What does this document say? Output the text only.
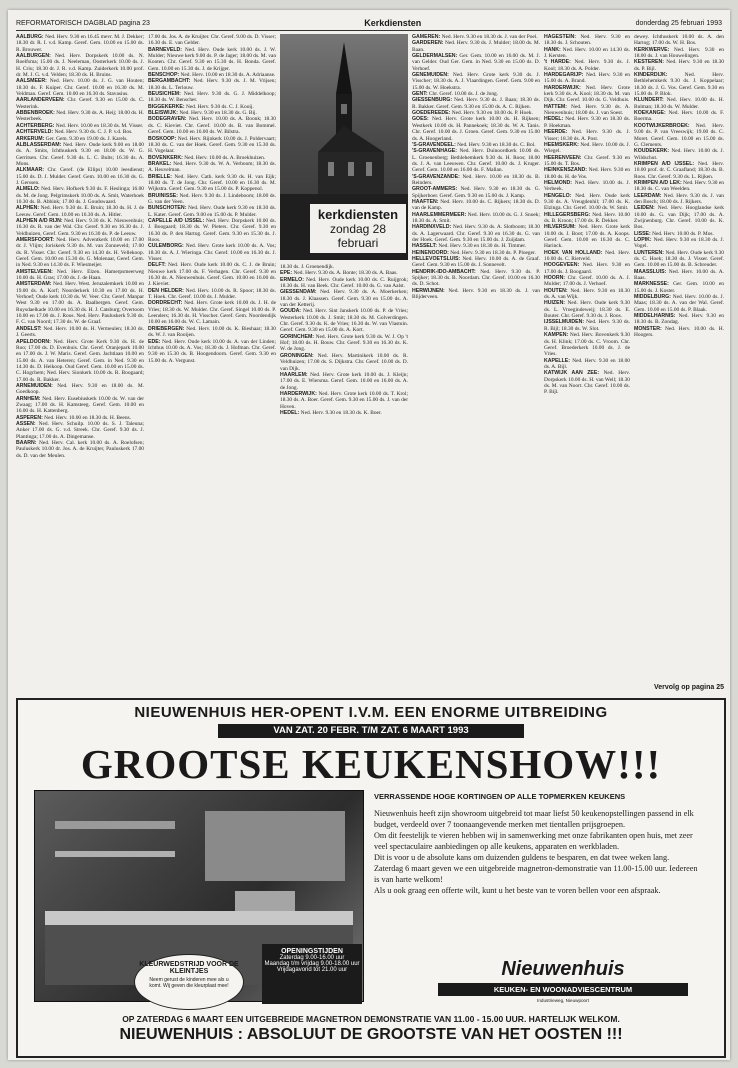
REFORMATORISCH DAGBLAD pagina 23	Kerkdiensten	donderdag 25 februari 1993

AALBURG: Ned. Herv. 9.30 en 16.45 mevr. M. J. Dekker; 18.30 dr. R. I. v.d. Kamp. Geref. Gem. 10.00 en 15.00 ds. R. Brouwer.

AALBURGEN: Ned. Herv. Dorpskerk 10.00 ds. N. Roelfsma; 15.00 ds. J. Neeleman, Oosterkerk 10.00 ds. J. H. Criu; 18.30 dr. J. R. v.d. Kamp. Zuiderkerk 10.00 prof. dr. M. J. G. v.d. Velden; 18.30 ds. H. Bruins.

AALSMEER: Ned. Herv. 10.00 ds. J. G. van Houten; 18.30 ds. F. Kuiper. Chr. Geref. 10.00 en 16.30 ds. M. Veldman. Geref. Gem. 10.00 en 16.30 ds. Stavasius.

AARLANDERVEEN: Chr. Geref. 9.30 en 15.00 ds. C. Westerink.

ABBENBROEK: Ned. Herv. 9.30 ds. A. Heij; 18.00 ds. H. Westerbeek.

ACHTERBERG: Ned. Herv. 10.00 en 18.30 ds. M. Visser.

ACHTERVELD: Ned. Herv. 9.30 ds. C. J. P. v.d. Bos.

ARKERUM: Ger. Gem. 9.30 en 19.00 ds. J. Karels.

ALBLASSERDAM: Ned. Herv. Oude kerk 9.00 en 18.00 ds. A. Smits, Ichthuskerk 9.30 en 18.00 ds. W. G. Gerritsen. Chr. Geref. 9.30 ds. L. C. Bults; 16.30 ds. A. Mons.

ALKMAAR: Chr. Geref. (de Ellips) 10.00 leesdienst; 15.00 ds. D. J. Mulder. Geref. Gem. 10.00 en 16.30 ds. G. J. Gerssen.

ALMELO: Ned. Herv. Hofkerk 9.30 ds. F. Heslinga; 16.00 ds. M. de Jong. Pelgrimskerk 10.00 ds. A. Smit, Waterhoek 10.30 ds. B. Abbink; 17.00 ds. J. Goudswaard.

ALPHEN: Ned. Herv. 9.30 ds. E. Bruin; 18.30 ds. H. J. de Leeuw. Geref. Gem. 10.00 en 16.30 ds. A. Hitler.

ALPHEN A/D RIJN: Ned. Herv. 9.30 ds. K. Nieuwenhuis; 16.30 ds. R. van der Wal. Chr. Geref. 9.30 en 16.30 ds. J. Veldhuizen, Geref. Gem. 9.30 en 16.30 ds. P. de Leeuw.

AMERSFOORT: Ned. Herv. Adventkerk 10.00 en 17.00 dr. J. Vlijm; Joriskerk 9.30 ds. M. van Zonneveld; 17.00 ds. R. Visser. Chr. Geref. 9.30 en 14.30 ds. H. Vellekoop. Geref. Gem. 10.00 en 15.30 ds. G. Molenaar, Geref. Gem. in Ned. 9.30 en 14.30 ds. F. Wiesmeijer.

AMSTELVEEN: Ned. Herv. Elzen. Hamerpsmeerweg 10.00 ds. H. Gras; 17.00 ds. J. de Haan.

AMSTERDAM: Ned. Herv. West. Jeruzalemkerk 10.00 en 19.00 ds. A. Korf; Noorderkerk 10.30 en 17.00 ds. H. Verhoef; Oude kerk 10.30 ds. W. Veer. Chr. Geref. Manpar West 9.30 en 17.00 ds. A. Baalbergen. Geref. Gem. Ruysdaelkade 10.00 en 16.30 ds. H. J. Catsburg; Overtoom 10.00 en 17.00 ds. J. Roos. Ned. Herv. Pauluskerk 9.30 ds. F. C. van Noord; 17.30 ds. W. de Graaf.

ANDELST: Ned. Herv. 10.00 ds. H. Vermeulen; 18.30 ds. J. Geerts.

APELDOORN: Ned. Herv. Grote Kerk 9.30 ds. H. de Roo; 17.00 ds. D. Evenhuis. Chr. Geref. Oranjepark 10.00 en 17.00 ds. J. W. Maris. Geref. Gem. Jachtlaan 10.00 en 15.00 ds. A. van Heteren; Geref. Gem. in Ned. 9.30 en 14.30 ds. D. Heikoop. Oud Geref. Gem. 10.00 en 15.00 ds. C. Hogchem; Ned. Herv. Sionkerk 10.00 ds. R. Boogaard; 17.00 ds. R. Bakker.

ARNEMUIDEN: Ned. Herv. 9.30 en 18.00 ds. M. Goedkoop.

ARNHEM: Ned. Herv. Eusebiuskerk 10.00 ds. W. van der Zwaag; 17.00 ds. H. Kamsteeg. Geref. Gem. 10.00 en 16.00 ds. H. Kattenberg.

ASPEREN: Ned. Herv. 10.00 en 18.30 ds. H. Beens.

ASSEN: Ned. Herv. Schuilp. 10.00 ds. S. J. Taleuna; Anker 17.00 ds. G. v.d. Streek. Chr. Geref. 9.30 ds. J. Plantinga; 17.00 ds. A. Dingemanse.

BAARN: Ned. Herv. Cal. kerk 10.00 ds. A. Roelofsen; Pauluskerk 10.00 dr. Jos. A. de Kruijter, Pauluskerk 17.00 ds. D. van der Meulen.

17.00 ds. Jos. A. de Kruijter. Chr. Geref. 9.00 ds. D. Visser; 16.30 ds. E. van Gelder.

BARNEVELD: Ned. Herv. Oude kerk 10.00 ds. J. W. Mulder; Nieuwe kerk 9.00 ds. P. de Jager; 18.00 ds. M. van Kooten. Chr. Geref. 9.30 en 15.30 ds. H. Bonda. Geref. Gem. 10.00 en 15.30 ds. J. de Krijger.

BENSCHOP: Ned. Herv. 10.00 en 18.30 ds. A. Adriaanse.

BERGAMBACHT: Ned. Herv. 9.30 ds. J. M. Vrijsen; 18.30 ds. L. Terlouw.

BEUSICHEM: Ned. Herv. 9.30 ds. G. J. Middelkoop; 18.30 ds. W. Benscher.

BIGGEKERKE: Ned. Herv. 9.30 ds. C. J. Kooij.

BLEISWIJK: Ned. Herv. 9.30 en 18.30 ds. G. Bij.

BODEGRAVEN: Ned. Herv. 10.00 ds. A. Boonk; 18.30 ds. C. Kieviet. Chr. Geref. 10.00 ds. B. van Bommel. Geref. Gem. 10.00 en 16.00 ds. W. Bilstra.

BOSKOOP: Ned. Herv. Rijnkerk 10.00 ds. J. Poldervaart; 18.30 ds. C. van der Hoek. Geref. Gem. 9.30 en 15.30 ds. H. Vogelaar.

BOVENKERK: Ned. Herv. 10.00 ds. A. Broekhuizen.

BRAKEL: Ned. Herv. 9.30 ds. W. A. Verboom; 18.30 ds. A. Heuvelman.

BRIELLE: Ned. Herv. Cath. kerk 9.30 ds. H. van Eijk; 18.00 ds. T. de Jong. Chr. Geref. 10.00 en 16.30 ds. M. Wijkstra. Geref. Gem. 9.30 en 15.00 ds. P. Koppenol.

BRUINISSE: Ned. Herv. 9.30 ds. J. Lindeboom; 18.00 ds. G. van der Veen.

BUNSCHOTEN: Ned. Herv. Oude kerk 9.30 en 18.30 ds. L. Kater. Geref. Gem. 9.00 en 15.00 ds. P. Mulder.

CAPELLE A/D IJSSEL: Ned. Herv. Dorpskerk 10.00 ds. J. Boogaard; 18.30 ds. W. Pieters. Chr. Geref. 9.30 en 16.30 ds. P. den Hartog. Geref. Gem. 9.30 en 15.30 ds. J. Roos.

CULEMBORG: Ned. Herv. Grote kerk 10.00 ds. A. Vos; 18.30 ds. A. J. Wieringa. Chr. Geref. 10.00 en 16.30 ds. J. Visser.

DELFT: Ned. Herv. Oude kerk 10.00 ds. C. J. de Bruin; Nieuwe kerk 17.00 ds. F. Verhagen. Chr. Geref. 9.30 en 16.30 ds. A. Nieuwenhuis. Geref. Gem. 10.00 en 16.00 ds. J. Kieviet.

DEN HELDER: Ned. Herv. 10.00 ds. R. Spoor; 18.30 ds. T. Hoek. Chr. Geref. 10.00 ds. J. Mulder.

DORDRECHT: Ned. Herv. Grote kerk 10.00 ds. J. H. de Vries; 18.30 ds. W. Mulder. Chr. Geref. Singel 10.00 ds. P. Leenders; 16.30 ds. H. Visscher. Geref. Gem. Noordendijk 10.00 en 16.00 ds. W. C. Lamain.

DRIEBERGEN: Ned. Herv. 10.00 ds. K. Bieshaar; 18.30 ds. W. J. van Rooijen.

EDE: Ned. Herv. Oude kerk 10.00 ds. A. van der Linden; Ichthus 10.00 ds. A. Vos; 18.30 ds. J. Hofman. Chr. Geref. 9.30 en 15.30 ds. B. Hoogendoorn. Geref. Gem. 9.30 en 15.00 ds. A. Vergunst.

kerkdiensten
zondag 28 februari

18.30 ds. J. Groenendijk.

EPE: Ned. Herv. 9.30 ds. A. Bonte; 18.30 ds. A. Baas.

ERMELO: Ned. Herv. Oude kerk 10.00 ds. C. Ruijgrok; 18.30 ds. H. van Beek. Chr. Geref. 10.00 ds. G. van Aalst.

GIESSENDAM: Ned. Herv. 9.30 ds. A. Moerkerken; 18.30 ds. J. Klaassen. Geref. Gem. 9.30 en 15.00 ds. A. van der Ketterij.

GOUDA: Ned. Herv. Sint Janskerk 10.00 ds. P. de Vries; Westerkerk 10.00 ds. J. Smit; 18.30 ds. M. Golverdingen. Chr. Geref. 9.30 ds. K. de Vries; 16.30 ds. W. van Vlastuin. Geref. Gem. 9.30 en 15.00 ds. A. Kort.

GORINCHEM: Ned. Herv. Grote kerk 9.30 ds. W. J. Op 't Hof; 18.00 ds. H. Bouw. Chr. Geref. 9.30 en 16.30 ds. K. W. de Jong.

GRONINGEN: Ned. Herv. Martinikerk 10.00 ds. R. Veldhuizen; 17.00 ds. S. Dijkstra. Chr. Geref. 10.00 ds. D. van Dijk.

HAARLEM: Ned. Herv. Grote kerk 10.00 ds. J. Kleijn; 17.00 ds. E. Wiersma. Geref. Gem. 10.00 en 16.00 ds. A. de Jong.

HARDERWIJK: Ned. Herv. Grote kerk 10.00 ds. T. Krol; 18.30 ds. A. Boer. Geref. Gem. 9.30 en 15.00 ds. J. van der Hoven.

HEDEL: Ned. Herv. 9.30 en 18.30 ds. K. Boer.

GAMEREN: Ned. Herv. 9.30 en 18.30 ds. J. van der Poel.

GARDEREN: Ned. Herv. 9.30 ds. J. Mulder; 18.00 ds. M. Baan.

GELDERMALSEN: Ger. Gem. 10.00 en 16.00 ds. M. J. van Gelder. Oud Ger. Gem. in Ned. 9.30 en 15.00 ds. D. Verhoef.

GENEMUIDEN: Ned. Herv. Grote kerk 9.30 ds. J. Visscher; 18.30 ds. A. J. Vlaardingen. Geref. Gem. 9.00 en 15.00 ds. W. Hoekstra.

GENT: Chr. Geref. 10.00 ds. J. de Jong.

GIESSENBURG: Ned. Herv. 9.30 ds. J. Baan; 18.30 ds. R. Bakker. Geref. Gem. 9.30 en 15.00 ds. A. C. Rijken.

GOEDEREEDE: Ned. Herv. 9.30 en 18.00 ds. P. Hoek.

GOES: Ned. Herv. Grote kerk 10.00 ds. H. Rijksen; Westkerk 10.00 ds. H. Pannekoek; 18.30 ds. W. A. Tanis. Chr. Geref. 10.00 ds. J. Groen. Geref. Gem. 9.30 en 15.00 ds. A. Hoogerland.

'S-GRAVENDEEL: Ned. Herv. 9.30 en 18.30 ds. C. Bol.

'S-GRAVENHAGE: Ned. Herv. Duinoordkerk 10.00 ds. L. Groenenberg; Bethlehemkerk 9.30 ds. H. Roos; 18.00 ds. J. A. van Leeuwen. Chr. Geref. 10.00 ds. J. Kruger. Geref. Gem. 10.00 en 16.00 ds. F. Mallan.

'S-GRAVENZANDE: Ned. Herv. 10.00 en 18.30 ds. B. Reinders.

GROOT-AMMERS: Ned. Herv. 9.30 en 18.30 ds. G. Spijkerboer. Geref. Gem. 9.30 en 15.00 ds. J. Kamp.

HAAFTEN: Ned. Herv. 10.00 ds. C. Rijkers; 18.30 ds. D. van de Kamp.

HAARLEMMERMEER: Ned. Herv. 10.00 ds. G. J. Snoek; 18.30 ds. A. Smit.

HARDINXVELD: Ned. Herv. 9.30 ds. A. Slotboom; 18.30 ds. A. Lagerwaard. Chr. Geref. 9.30 en 16.30 ds. G. van der Hoek. Geref. Gem. 9.30 en 15.00 ds. J. Zuijdam.

HASSELT: Ned. Herv. 9.30 en 18.30 ds. H. Timmer.

HEINENOORD: Ned. Herv. 9.30 en 18.30 ds. P. Ploeger.

HELLEVOETSLUIS: Ned. Herv. 10.00 ds. A. de Graaf. Geref. Gem. 9.30 en 15.00 ds. J. Sonnevelt.

HENDRIK-IDO-AMBACHT: Ned. Herv. 9.30 ds. P. Spijker; 18.30 ds. B. Noordam. Chr. Geref. 10.00 en 16.30 ds. D. Schot.

HERWIJNEN: Ned. Herv. 9.30 en 18.30 ds. J. van Blijderveen.

HAGESTEIN: Ned. Herv. 9.30 en 18.30 ds. J. Schouten.

HANK: Ned. Herv. 10.00 en 14.30 ds. J. Kersten.

't HARDE: Ned. Herv. 9.30 ds. J. Kool; 18.30 ds. A. Polder.

HARDEGARIJP: Ned. Herv. 9.30 en 15.00 ds. A. Brand.

HARDERWIJK: Ned. Herv. Grote kerk 9.30 ds. A. Kool; 18.30 ds. M. van Dijk. Chr. Geref. 10.00 ds. G. Veldhuis.

HATTEM: Ned. Herv. 9.30 ds. A. Nieuwenhuis; 18.00 ds. J. van Soest.

HEDEL: Ned. Herv. 9.30 en 18.30 ds. P. Hoekman.

HEERDE: Ned. Herv. 9.30 ds. J. Visser; 18.30 ds. A. Post.

HEEMSKERK: Ned. Herv. 10.00 ds. J. Wiegel.

HEERENVEEN: Chr. Geref. 9.30 en 15.00 ds. T. Bos.

HEINKENSZAND: Ned. Herv. 9.30 en 18.00 ds. H. de Vos.

HELMOND: Ned. Herv. 10.00 ds. J. Verbeek.

HENGELO: Ned. Herv. Oude kerk 9.30 ds. A. Vreugdenhil; 17.00 ds. K. Elzinga. Chr. Geref. 10.00 ds. W. Smit.

HILLEGERSBERG: Ned. Herv. 10.00 ds. B. Kroon; 17.00 ds. R. Dekker.

HILVERSUM: Ned. Herv. Grote kerk 10.00 ds. J. Boot; 17.00 ds. A. Koops. Geref. Gem. 10.00 en 16.30 ds. C. Harinck.

HOEK VAN HOLLAND: Ned. Herv. 10.00 ds. C. Rietveld.

HOOGEVEEN: Ned. Herv. 9.30 en 17.00 ds. J. Boogaard.

HOORN: Chr. Geref. 10.00 ds. A. J. Mulder; 17.00 ds. J. Verhoef.

HOUTEN: Ned. Herv. 9.30 en 18.30 ds. A. van Wijk.

HUIZEN: Ned. Herv. Oude kerk 9.30 ds. L. Vroegindeweij; 18.30 ds. E. Bouter. Chr. Geref. 9.30 ds. J. Roos.

IJSSELMUIDEN: Ned. Herv. 9.30 ds. R. Bijl; 18.30 ds. W. Slot.

KAMPEN: Ned. Herv. Bovenkerk 9.30 ds. H. Klink; 17.00 ds. C. Vroom. Chr. Geref. Broederkerk 10.00 ds. J. de Vries.

KAPELLE: Ned. Herv. 9.30 en 18.00 ds. A. Bijl.

KATWIJK AAN ZEE: Ned. Herv. Dorpskerk 10.00 ds. H. van Well; 18.30 ds. M. van Noort. Chr. Geref. 10.00 ds. P. Bijl.

dewey. Ichthuskerk 10.00 ds. A. den Hartog; 17.00 ds. W. H. Bos.

KERKWERVE: Ned. Herv. 9.30 en 18.00 ds. J. van Houwelingen.

KESTEREN: Ned. Herv. 9.30 en 18.30 ds. P. Bijl.

KINDERDIJK:	Ned. Herv. Bethlehemkerk 9.30 ds. J. Koppelaar; 18.30 ds. J. G. Vos. Geref. Gem. 9.30 en 15.00 ds. P. Blok.

KLUNDERT: Ned. Herv. 10.00 ds. H. Bulman; 18.30 ds. W. Mulder.

KOEKANGE: Ned. Herv. 10.00 ds. F. Boerma.

KOOTWIJKERBROEK: Ned. Herv. 9.00 ds. P. van Vreeswijk; 19.00 ds. C. Moret. Geref. Gem. 10.00 en 15.00 ds. G. Clements.

KOUDEKERK: Ned. Herv. 10.00 ds. J. Wildschut.

KRIMPEN A/D IJSSEL: Ned. Herv. 10.00 prof. dr. C. Graafland; 18.30 ds. B. Roos. Chr. Geref. 9.30 ds. L. Rijken.

KRIMPEN A/D LEK: Ned. Herv. 9.30 en 18.30 ds. C. van Weelden.

LEERDAM: Ned. Herv. 9.30 ds. J. van den Bosch; 18.00 ds. J. Rijkers.

LEIDEN: Ned. Herv. Hooglandse kerk 10.00 ds. G. van Dijk; 17.00 ds. A. Zwijnenburg. Chr. Geref. 10.00 ds. K. Bos.

LISSE: Ned. Herv. 10.00 ds. P. Mos.

LOPIK: Ned. Herv. 9.30 en 18.30 ds. J. Vogel.

LUNTEREN: Ned. Herv. Oude kerk 9.30 ds. C. Hoek; 18.30 ds. J. Visser. Geref. Gem. 10.00 en 15.00 ds. B. Schreuder.

MAASSLUIS: Ned. Herv. 10.00 ds. A. Baas.

MARKNESSE: Ger. Gem. 10.00 en 15.00 ds. J. Koster.

MIDDELBURG: Ned. Herv. 10.00 ds. J. Maas; 18.30 ds. A. van der Wal. Geref. Gem. 10.00 en 15.00 ds. P. Blaak.

MIDDELHARNIS: Ned. Herv. 9.30 en 18.30 ds. B. Zondag.

MONSTER: Ned. Herv. 10.00 ds. H. Hoogers.

Vervolg op pagina 25
NIEUWENHUIS HER-OPENT I.V.M. EEN ENORME UITBREIDING
VAN ZAT. 20 FEBR. T/M ZAT. 6 MAART 1993
GROOTSE KEUKENSHOW!!!
KLEURWEDSTRIJD VOOR DE KLEINTJES
Neem gerust de kinderen mee als u komt. Wij geven die kleurplaat mee!
OPENINGSTIJDEN
Zaterdag 9.00-16.00 uur
Maandag t/m vrijdag 9.00-18.00 uur
Vrijdagavond tot 21.00 uur
VERRASSENDE HOGE KORTINGEN OP ALLE TOPMERKEN KEUKENS

Nieuwenhuis heeft zijn showroom uitgebreid tot maar liefst 50 keukenopstellingen passend in elk budget, verdeeld over 7 toonaangevende merken met tientallen prijsgroepen.

Om dit feestelijk te vieren hebben wij in samenwerking met onze fabrikanten open huis, met zeer veel spectaculaire aanbiedingen op alle keukens, apparaten en werkbladen.

Dit is voor u de absolute kans om duizenden guldens te besparen, en dat twee weken lang.

Zaterdag 6 maart geven we een uitgebreide magnetron-demonstratie van 11.00-15.00 uur. Iedereen is van harte welkom!

Als u ook graag een offerte wilt, kunt u het beste van te voren bellen voor een afspraak.

Nieuwenhuis
KEUKEN- EN WOONADVIESCENTRUM
Industrieweg, Nieuwpoort
OP ZATERDAG 6 MAART EEN UITGEBREIDE MAGNETRON DEMONSTRATIE VAN 11.00 - 15.00 UUR. HARTELIJK WELKOM.
NIEUWENHUIS : ABSOLUUT DE GROOTSTE VAN HET OOSTEN !!!
